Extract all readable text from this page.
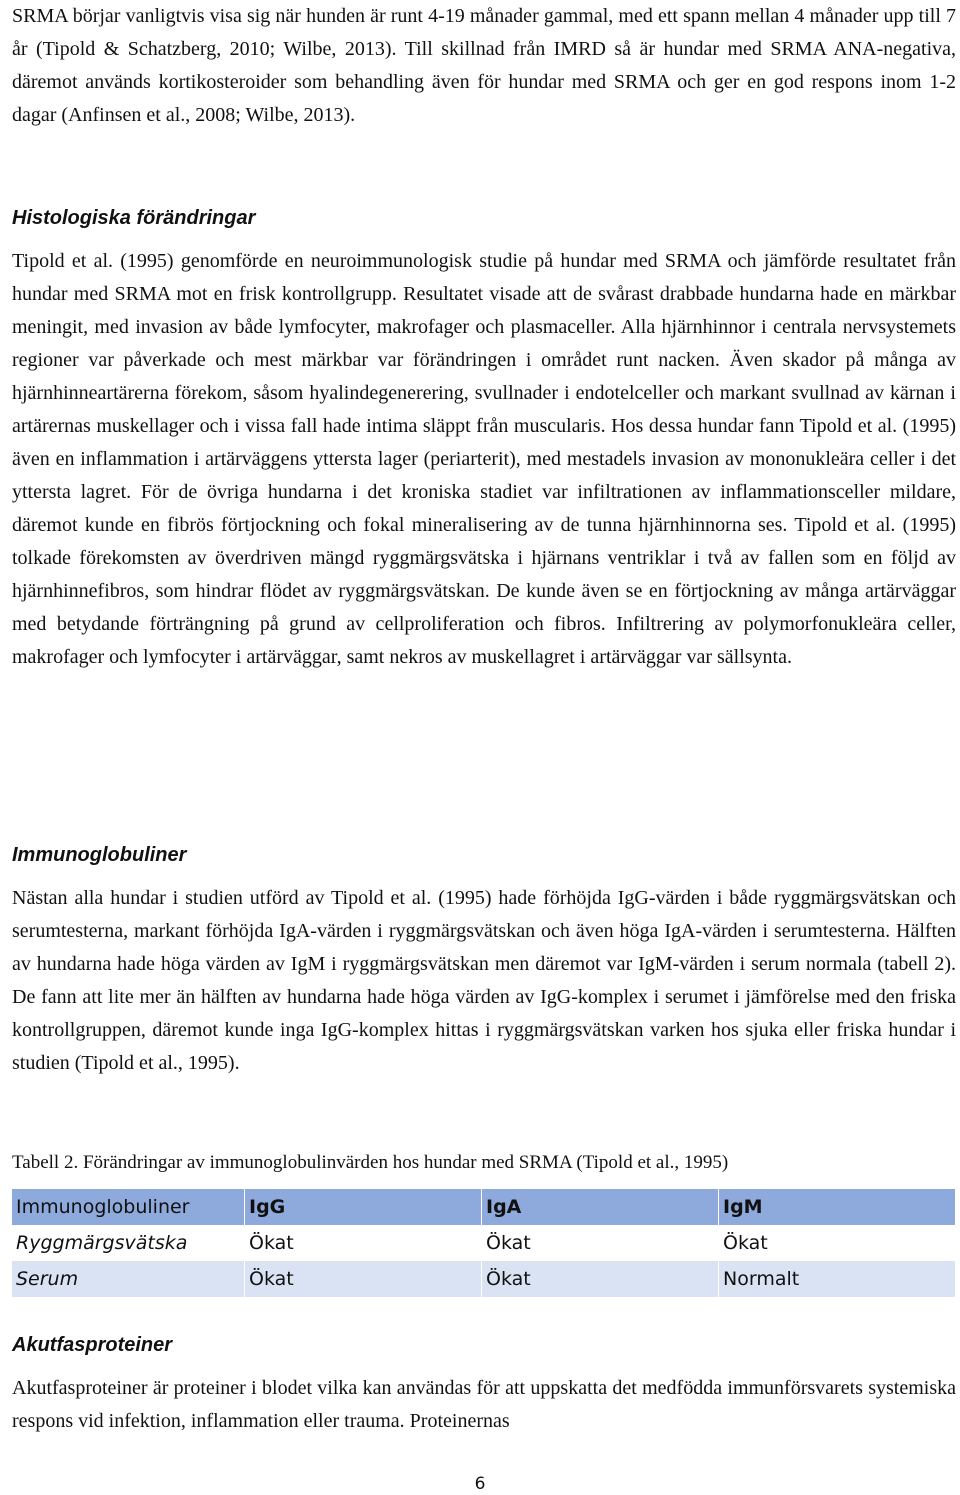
SRMA börjar vanligtvis visa sig när hunden är runt 4-19 månader gammal, med ett spann mellan 4 månader upp till 7 år (Tipold & Schatzberg, 2010; Wilbe, 2013). Till skillnad från IMRD så är hundar med SRMA ANA-negativa, däremot används kortikosteroider som behandling även för hundar med SRMA och ger en god respons inom 1-2 dagar (Anfinsen et al., 2008; Wilbe, 2013).

Histologiska förändringar

Tipold et al. (1995) genomförde en neuroimmunologisk studie på hundar med SRMA och jämförde resultatet från hundar med SRMA mot en frisk kontrollgrupp. Resultatet visade att de svårast drabbade hundarna hade en märkbar meningit, med invasion av både lymfocyter, makrofager och plasmaceller. Alla hjärnhinnor i centrala nervsystemets regioner var påverkade och mest märkbar var förändringen i området runt nacken. Även skador på många av hjärnhinneartärerna förekom, såsom hyalindegenerering, svullnader i endotelceller och markant svullnad av kärnan i artärernas muskellager och i vissa fall hade intima släppt från muscularis. Hos dessa hundar fann Tipold et al. (1995) även en inflammation i artärväggens yttersta lager (periarterit), med mestadels invasion av mononukleära celler i det yttersta lagret. För de övriga hundarna i det kroniska stadiet var infiltrationen av inflammationsceller mildare, däremot kunde en fibrös förtjockning och fokal mineralisering av de tunna hjärnhinnorna ses. Tipold et al. (1995) tolkade förekomsten av överdriven mängd ryggmärgsvätska i hjärnans ventriklar i två av fallen som en följd av hjärnhinnefibros, som hindrar flödet av ryggmärgsvätskan. De kunde även se en förtjockning av många artärväggar med betydande förträngning på grund av cellproliferation och fibros. Infiltrering av polymorfonukleära celler, makrofager och lymfocyter i artärväggar, samt nekros av muskellagret i artärväggar var sällsynta.

Immunoglobuliner

Nästan alla hundar i studien utförd av Tipold et al. (1995) hade förhöjda IgG-värden i både ryggmärgsvätskan och serumtesterna, markant förhöjda IgA-värden i ryggmärgsvätskan och även höga IgA-värden i serumtesterna. Hälften av hundarna hade höga värden av IgM i ryggmärgsvätskan men däremot var IgM-värden i serum normala (tabell 2). De fann att lite mer än hälften av hundarna hade höga värden av IgG-komplex i serumet i jämförelse med den friska kontrollgruppen, däremot kunde inga IgG-komplex hittas i ryggmärgsvätskan varken hos sjuka eller friska hundar i studien (Tipold et al., 1995).

Tabell 2. Förändringar av immunoglobulinvärden hos hundar med SRMA (Tipold et al., 1995)

Immunoglobuliner	IgG	IgA	IgM
Ryggmärgsvätska	Ökat	Ökat	Ökat
Serum	Ökat	Ökat	Normalt
Akutfasproteiner

Akutfasproteiner är proteiner i blodet vilka kan användas för att uppskatta det medfödda immunförsvarets systemiska respons vid infektion, inflammation eller trauma. Proteinernas

6
